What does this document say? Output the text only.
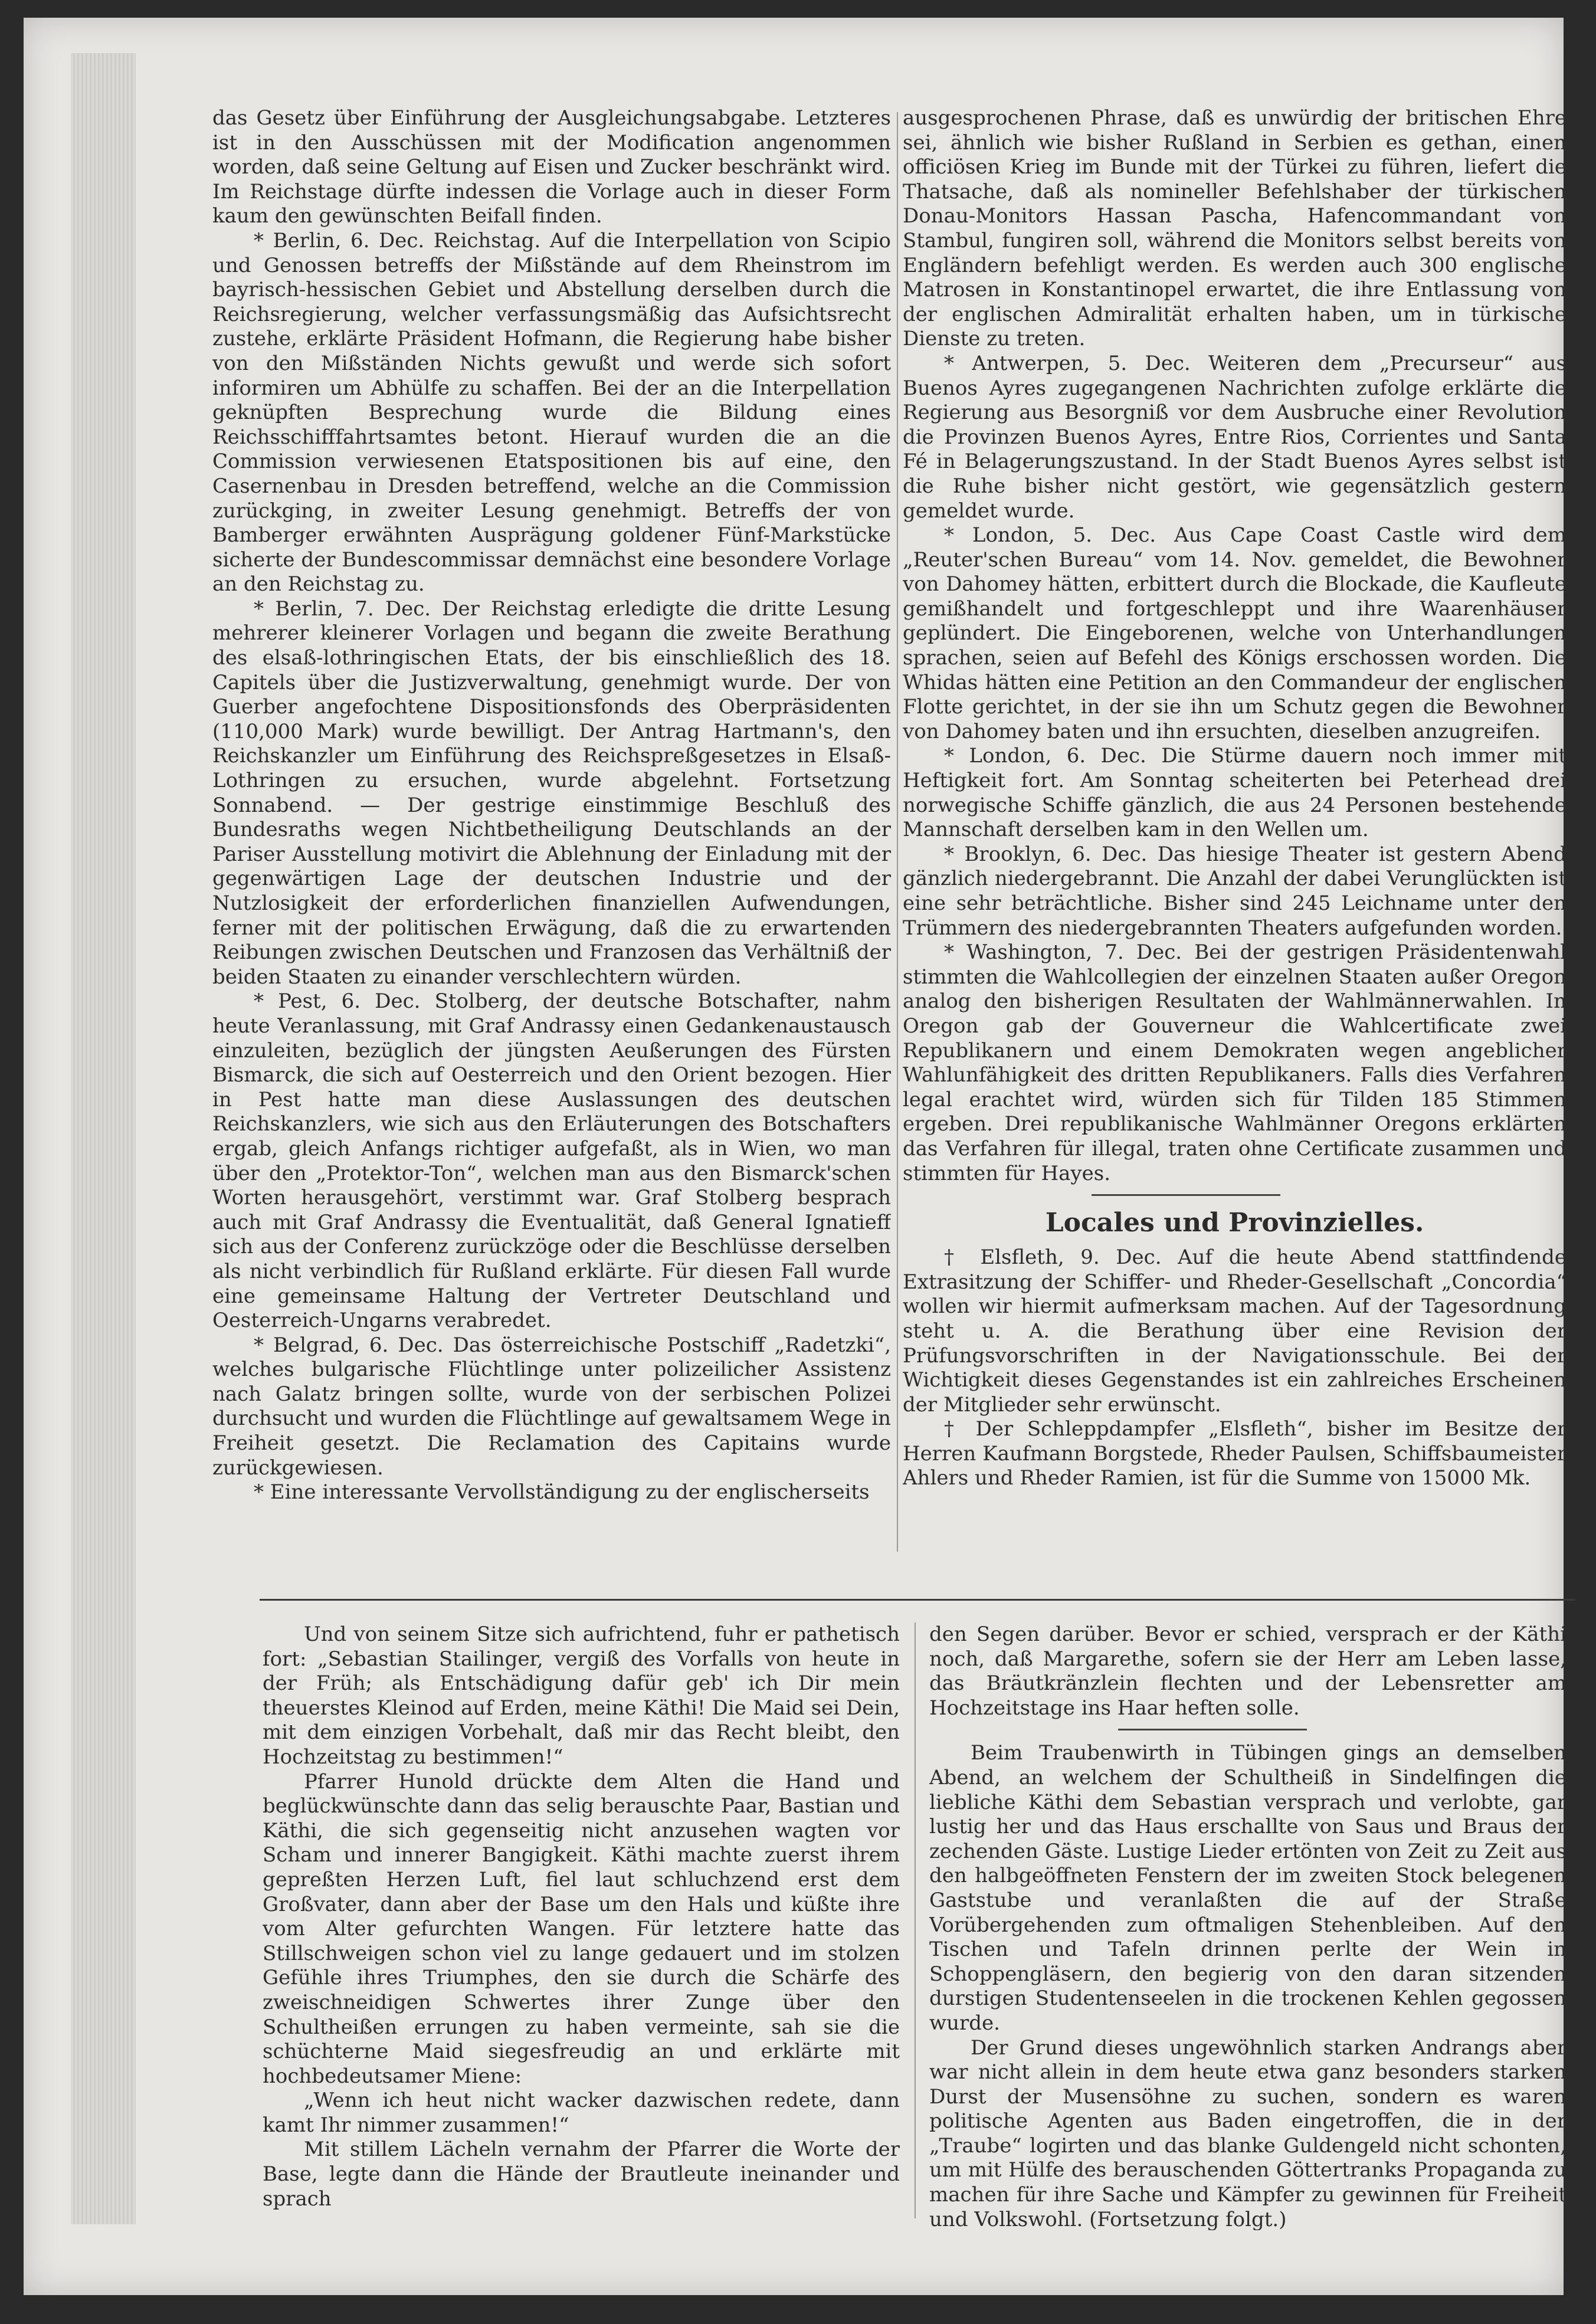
das Gesetz über Einführung der Ausgleichungsabgabe. Letzteres ist in den Ausschüssen mit der Modification angenommen worden, daß seine Geltung auf Eisen und Zucker beschränkt wird. Im Reichstage dürfte indessen die Vorlage auch in dieser Form kaum den gewünschten Beifall finden.

* Berlin, 6. Dec. Reichstag. Auf die Interpellation von Scipio und Genossen betreffs der Mißstände auf dem Rheinstrom im bayrisch-hessischen Gebiet und Abstellung derselben durch die Reichsregierung, welcher verfassungsmäßig das Aufsichtsrecht zustehe, erklärte Präsident Hofmann, die Regierung habe bisher von den Mißständen Nichts gewußt und werde sich sofort informiren um Abhülfe zu schaffen. Bei der an die Interpellation geknüpften Besprechung wurde die Bildung eines Reichsschifffahrtsamtes betont. Hierauf wurden die an die Commission verwiesenen Etatspositionen bis auf eine, den Casernenbau in Dresden betreffend, welche an die Commission zurückging, in zweiter Lesung genehmigt. Betreffs der von Bamberger erwähnten Ausprägung goldener Fünf-Markstücke sicherte der Bundescommissar demnächst eine besondere Vorlage an den Reichstag zu.

* Berlin, 7. Dec. Der Reichstag erledigte die dritte Lesung mehrerer kleinerer Vorlagen und begann die zweite Berathung des elsaß-lothringischen Etats, der bis einschließlich des 18. Capitels über die Justizverwaltung, genehmigt wurde. Der von Guerber angefochtene Dispositionsfonds des Oberpräsidenten (110,000 Mark) wurde bewilligt. Der Antrag Hartmann's, den Reichskanzler um Einführung des Reichspreßgesetzes in Elsaß-Lothringen zu ersuchen, wurde abgelehnt. Fortsetzung Sonnabend. — Der gestrige einstimmige Beschluß des Bundesraths wegen Nichtbetheiligung Deutschlands an der Pariser Ausstellung motivirt die Ablehnung der Einladung mit der gegenwärtigen Lage der deutschen Industrie und der Nutzlosigkeit der erforderlichen finanziellen Aufwendungen, ferner mit der politischen Erwägung, daß die zu erwartenden Reibungen zwischen Deutschen und Franzosen das Verhältniß der beiden Staaten zu einander verschlechtern würden.

* Pest, 6. Dec. Stolberg, der deutsche Botschafter, nahm heute Veranlassung, mit Graf Andrassy einen Gedankenaustausch einzuleiten, bezüglich der jüngsten Aeußerungen des Fürsten Bismarck, die sich auf Oesterreich und den Orient bezogen. Hier in Pest hatte man diese Auslassungen des deutschen Reichskanzlers, wie sich aus den Erläuterungen des Botschafters ergab, gleich Anfangs richtiger aufgefaßt, als in Wien, wo man über den „Protektor-Ton“, welchen man aus den Bismarck'schen Worten herausgehört, verstimmt war. Graf Stolberg besprach auch mit Graf Andrassy die Eventualität, daß General Ignatieff sich aus der Conferenz zurückzöge oder die Beschlüsse derselben als nicht verbindlich für Rußland erklärte. Für diesen Fall wurde eine gemeinsame Haltung der Vertreter Deutschland und Oesterreich-Ungarns verabredet.

* Belgrad, 6. Dec. Das österreichische Postschiff „Radetzki“, welches bulgarische Flüchtlinge unter polizeilicher Assistenz nach Galatz bringen sollte, wurde von der serbischen Polizei durchsucht und wurden die Flüchtlinge auf gewaltsamem Wege in Freiheit gesetzt. Die Reclamation des Capitains wurde zurückgewiesen.

* Eine interessante Vervollständigung zu der englischerseits

ausgesprochenen Phrase, daß es unwürdig der britischen Ehre sei, ähnlich wie bisher Rußland in Serbien es gethan, einen officiösen Krieg im Bunde mit der Türkei zu führen, liefert die Thatsache, daß als nomineller Befehlshaber der türkischen Donau-Monitors Hassan Pascha, Hafencommandant von Stambul, fungiren soll, während die Monitors selbst bereits von Engländern befehligt werden. Es werden auch 300 englische Matrosen in Konstantinopel erwartet, die ihre Entlassung von der englischen Admiralität erhalten haben, um in türkische Dienste zu treten.

* Antwerpen, 5. Dec. Weiteren dem „Precurseur“ aus Buenos Ayres zugegangenen Nachrichten zufolge erklärte die Regierung aus Besorgniß vor dem Ausbruche einer Revolution die Provinzen Buenos Ayres, Entre Rios, Corrientes und Santa Fé in Belagerungszustand. In der Stadt Buenos Ayres selbst ist die Ruhe bisher nicht gestört, wie gegensätzlich gestern gemeldet wurde.

* London, 5. Dec. Aus Cape Coast Castle wird dem „Reuter'schen Bureau“ vom 14. Nov. gemeldet, die Bewohner von Dahomey hätten, erbittert durch die Blockade, die Kaufleute gemißhandelt und fortgeschleppt und ihre Waarenhäuser geplündert. Die Eingeborenen, welche von Unterhandlungen sprachen, seien auf Befehl des Königs erschossen worden. Die Whidas hätten eine Petition an den Commandeur der englischen Flotte gerichtet, in der sie ihn um Schutz gegen die Bewohner von Dahomey baten und ihn ersuchten, dieselben anzugreifen.

* London, 6. Dec. Die Stürme dauern noch immer mit Heftigkeit fort. Am Sonntag scheiterten bei Peterhead drei norwegische Schiffe gänzlich, die aus 24 Personen bestehende Mannschaft derselben kam in den Wellen um.

* Brooklyn, 6. Dec. Das hiesige Theater ist gestern Abend gänzlich niedergebrannt. Die Anzahl der dabei Verunglückten ist eine sehr beträchtliche. Bisher sind 245 Leichname unter den Trümmern des niedergebrannten Theaters aufgefunden worden.

* Washington, 7. Dec. Bei der gestrigen Präsidentenwahl stimmten die Wahlcollegien der einzelnen Staaten außer Oregon analog den bisherigen Resultaten der Wahlmännerwahlen. In Oregon gab der Gouverneur die Wahlcertificate zwei Republikanern und einem Demokraten wegen angeblicher Wahlunfähigkeit des dritten Republikaners. Falls dies Verfahren legal erachtet wird, würden sich für Tilden 185 Stimmen ergeben. Drei republikanische Wahlmänner Oregons erklärten das Verfahren für illegal, traten ohne Certificate zusammen und stimmten für Hayes.

Locales und Provinzielles.

† Elsfleth, 9. Dec. Auf die heute Abend stattfindende Extrasitzung der Schiffer- und Rheder-Gesellschaft „Concordia“ wollen wir hiermit aufmerksam machen. Auf der Tagesordnung steht u. A. die Berathung über eine Revision der Prüfungsvorschriften in der Navigationsschule. Bei der Wichtigkeit dieses Gegenstandes ist ein zahlreiches Erscheinen der Mitglieder sehr erwünscht.

† Der Schleppdampfer „Elsfleth“, bisher im Besitze der Herren Kaufmann Borgstede, Rheder Paulsen, Schiffsbaumeister Ahlers und Rheder Ramien, ist für die Summe von 15000 Mk.

Und von seinem Sitze sich aufrichtend, fuhr er pathetisch fort: „Sebastian Stailinger, vergiß des Vorfalls von heute in der Früh; als Entschädigung dafür geb' ich Dir mein theuerstes Kleinod auf Erden, meine Käthi! Die Maid sei Dein, mit dem einzigen Vorbehalt, daß mir das Recht bleibt, den Hochzeitstag zu bestimmen!“

Pfarrer Hunold drückte dem Alten die Hand und beglückwünschte dann das selig berauschte Paar, Bastian und Käthi, die sich gegenseitig nicht anzusehen wagten vor Scham und innerer Bangigkeit. Käthi machte zuerst ihrem gepreßten Herzen Luft, fiel laut schluchzend erst dem Großvater, dann aber der Base um den Hals und küßte ihre vom Alter gefurchten Wangen. Für letztere hatte das Stillschweigen schon viel zu lange gedauert und im stolzen Gefühle ihres Triumphes, den sie durch die Schärfe des zweischneidigen Schwertes ihrer Zunge über den Schultheißen errungen zu haben vermeinte, sah sie die schüchterne Maid siegesfreudig an und erklärte mit hochbedeutsamer Miene:

„Wenn ich heut nicht wacker dazwischen redete, dann kamt Ihr nimmer zusammen!“

Mit stillem Lächeln vernahm der Pfarrer die Worte der Base, legte dann die Hände der Brautleute ineinander und sprach

den Segen darüber. Bevor er schied, versprach er der Käthi noch, daß Margarethe, sofern sie der Herr am Leben lasse, das Bräutkränzlein flechten und der Lebensretter am Hochzeitstage ins Haar heften solle.

Beim Traubenwirth in Tübingen gings an demselben Abend, an welchem der Schultheiß in Sindelfingen die liebliche Käthi dem Sebastian versprach und verlobte, gar lustig her und das Haus erschallte von Saus und Braus der zechenden Gäste. Lustige Lieder ertönten von Zeit zu Zeit aus den halbgeöffneten Fenstern der im zweiten Stock belegenen Gaststube und veranlaßten die auf der Straße Vorübergehenden zum oftmaligen Stehenbleiben. Auf den Tischen und Tafeln drinnen perlte der Wein in Schoppengläsern, den begierig von den daran sitzenden durstigen Studentenseelen in die trockenen Kehlen gegossen wurde.

Der Grund dieses ungewöhnlich starken Andrangs aber war nicht allein in dem heute etwa ganz besonders starken Durst der Musensöhne zu suchen, sondern es waren politische Agenten aus Baden eingetroffen, die in der „Traube“ logirten und das blanke Guldengeld nicht schonten, um mit Hülfe des berauschenden Göttertranks Propaganda zu machen für ihre Sache und Kämpfer zu gewinnen für Freiheit und Volkswohl. (Fortsetzung folgt.)
